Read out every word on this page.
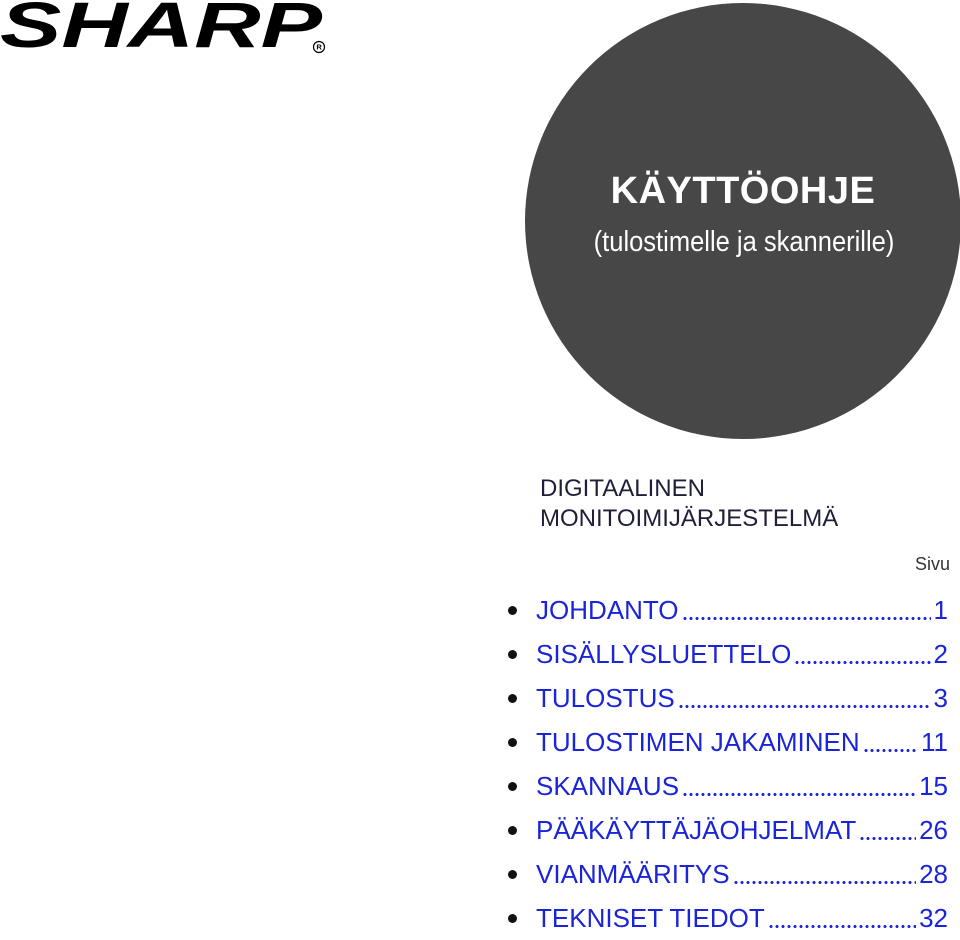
SHARP
R
KÄYTTÖOHJE
(tulostimelle ja skannerille)
DIGITAALINEN
MONITOIMIJÄRJESTELMÄ
Sivu
JOHDANTO	1
SISÄLLYSLUETTELO	2
TULOSTUS	3
TULOSTIMEN JAKAMINEN 11
SKANNAUS	15
PÄÄKÄYTTÄJÄOHJELMAT 26
VIANMÄÄRITYS	28
TEKNISET TIEDOT	32
